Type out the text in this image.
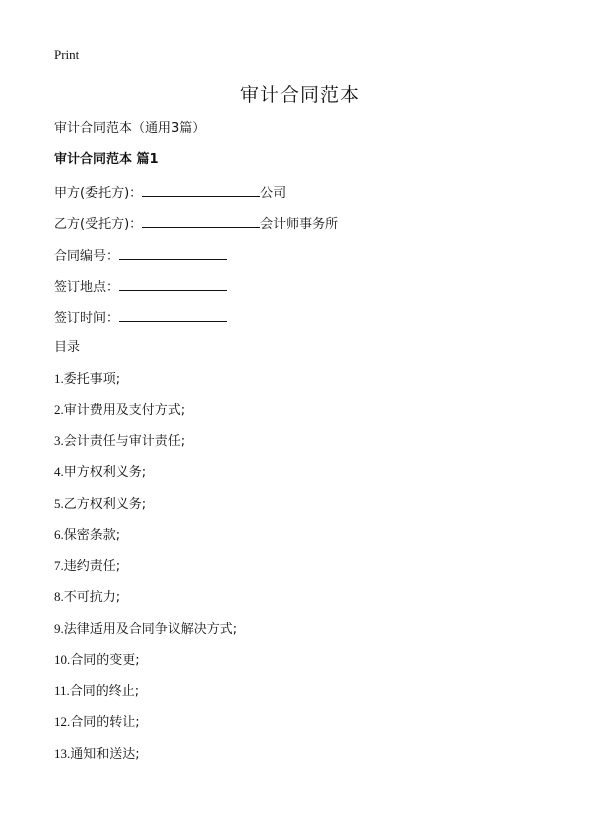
Print
审计合同范本
审计合同范本（通用3篇）
审计合同范本 篇1
甲方(委托方)：	公司
乙方(受托方)：	会计师事务所
合同编号：
签订地点：
签订时间：
目录
1.委托事项;
2.审计费用及支付方式;
3.会计责任与审计责任;
4.甲方权利义务;
5.乙方权利义务;
6.保密条款;
7.违约责任;
8.不可抗力;
9.法律适用及合同争议解决方式;
10.合同的变更;
11.合同的终止;
12.合同的转让;
13.通知和送达;
